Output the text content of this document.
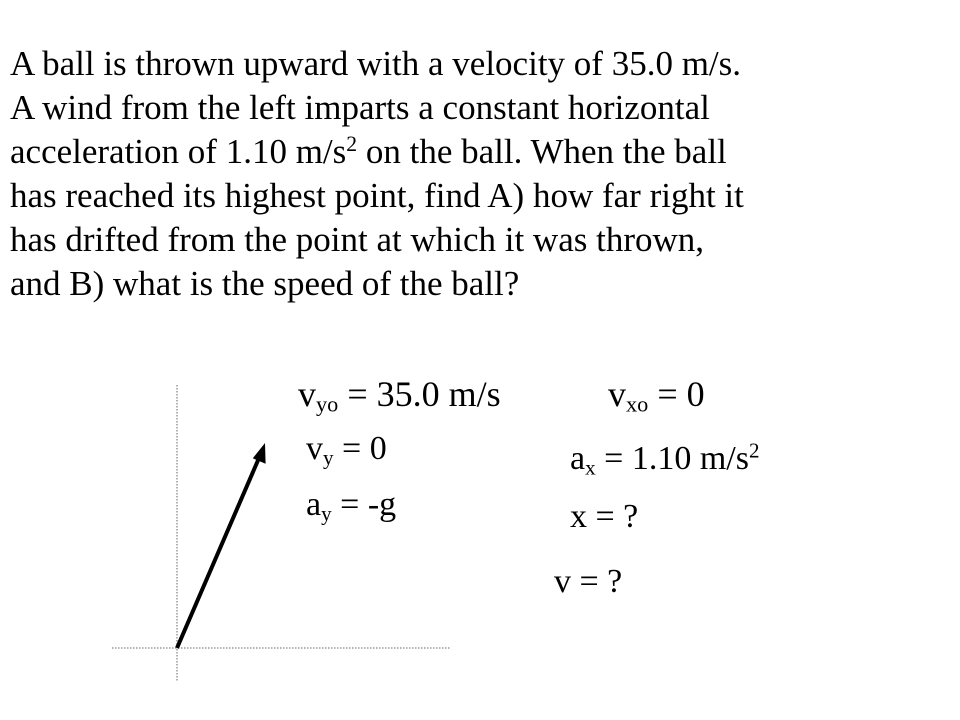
A ball is thrown upward with a velocity of 35.0 m/s.
A wind from the left imparts a constant horizontal
acceleration of 1.10 $m/s^2$ on the ball. When the ball
has reached its highest point, find A) how far right it
has drifted from the point at which it was thrown,
and B) what is the speed of the ball?

$v_{yo} = 35.0$ m/s	$v_{xo} = 0$
$v_y = 0$	$a_x = 1.10$ $m/s^2$
$a_y = -g$	x = ?
v = ?
